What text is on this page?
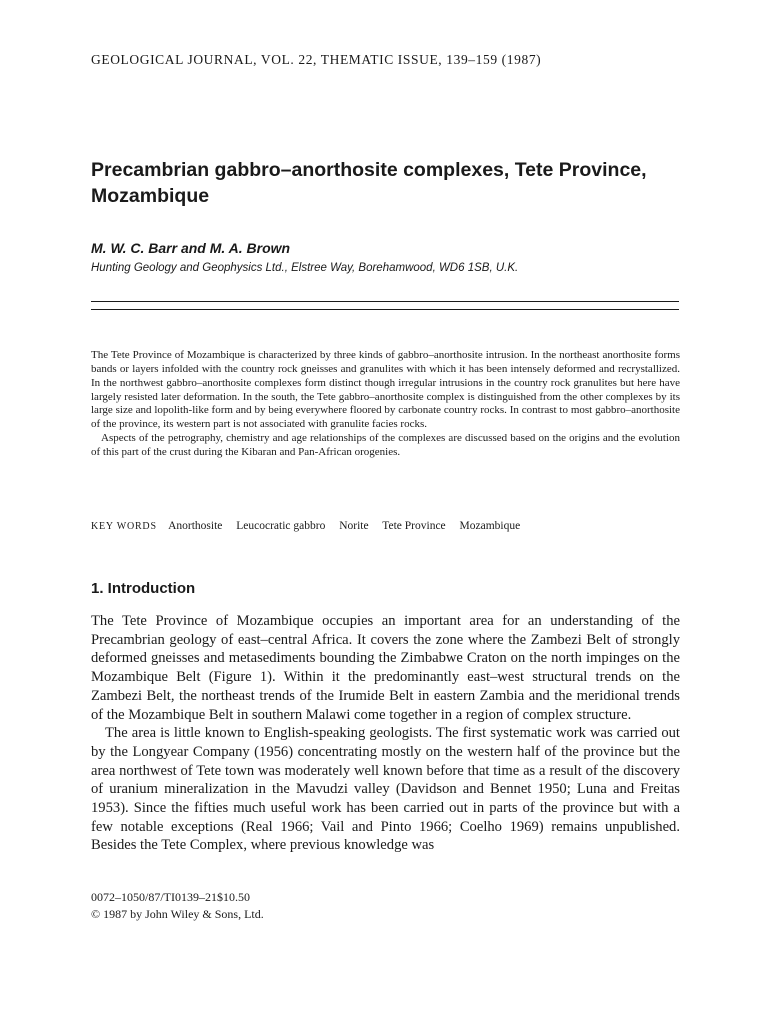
GEOLOGICAL JOURNAL, VOL. 22, THEMATIC ISSUE, 139–159 (1987)
Precambrian gabbro–anorthosite complexes, Tete Province, Mozambique
M. W. C. Barr and M. A. Brown
Hunting Geology and Geophysics Ltd., Elstree Way, Borehamwood, WD6 1SB, U.K.

The Tete Province of Mozambique is characterized by three kinds of gabbro–anorthosite intrusion. In the northeast anorthosite forms bands or layers infolded with the country rock gneisses and granulites with which it has been intensely deformed and recrystallized. In the northwest gabbro–anorthosite complexes form distinct though irregular intrusions in the country rock granulites but here have largely resisted later deformation. In the south, the Tete gabbro–anorthosite complex is distinguished from the other complexes by its large size and lopolith-like form and by being everywhere floored by carbonate country rocks. In contrast to most gabbro–anorthosite of the province, its western part is not associated with granulite facies rocks.

Aspects of the petrography, chemistry and age relationships of the complexes are discussed based on the origins and the evolution of this part of the crust during the Kibaran and Pan-African orogenies.

KEY WORDS Anorthosite Leucocratic gabbro Norite Tete Province Mozambique
1. Introduction

The Tete Province of Mozambique occupies an important area for an understanding of the Precambrian geology of east–central Africa. It covers the zone where the Zambezi Belt of strongly deformed gneisses and metasediments bounding the Zimbabwe Craton on the north impinges on the Mozambique Belt (Figure 1). Within it the predominantly east–west structural trends on the Zambezi Belt, the northeast trends of the Irumide Belt in eastern Zambia and the meridional trends of the Mozambique Belt in southern Malawi come together in a region of complex structure.

The area is little known to English-speaking geologists. The first systematic work was carried out by the Longyear Company (1956) concentrating mostly on the western half of the province but the area northwest of Tete town was moderately well known before that time as a result of the discovery of uranium mineralization in the Mavudzi valley (Davidson and Bennet 1950; Luna and Freitas 1953). Since the fifties much useful work has been carried out in parts of the province but with a few notable exceptions (Real 1966; Vail and Pinto 1966; Coelho 1969) remains unpublished. Besides the Tete Complex, where previous knowledge was

0072–1050/87/TI0139–21$10.50
© 1987 by John Wiley & Sons, Ltd.
